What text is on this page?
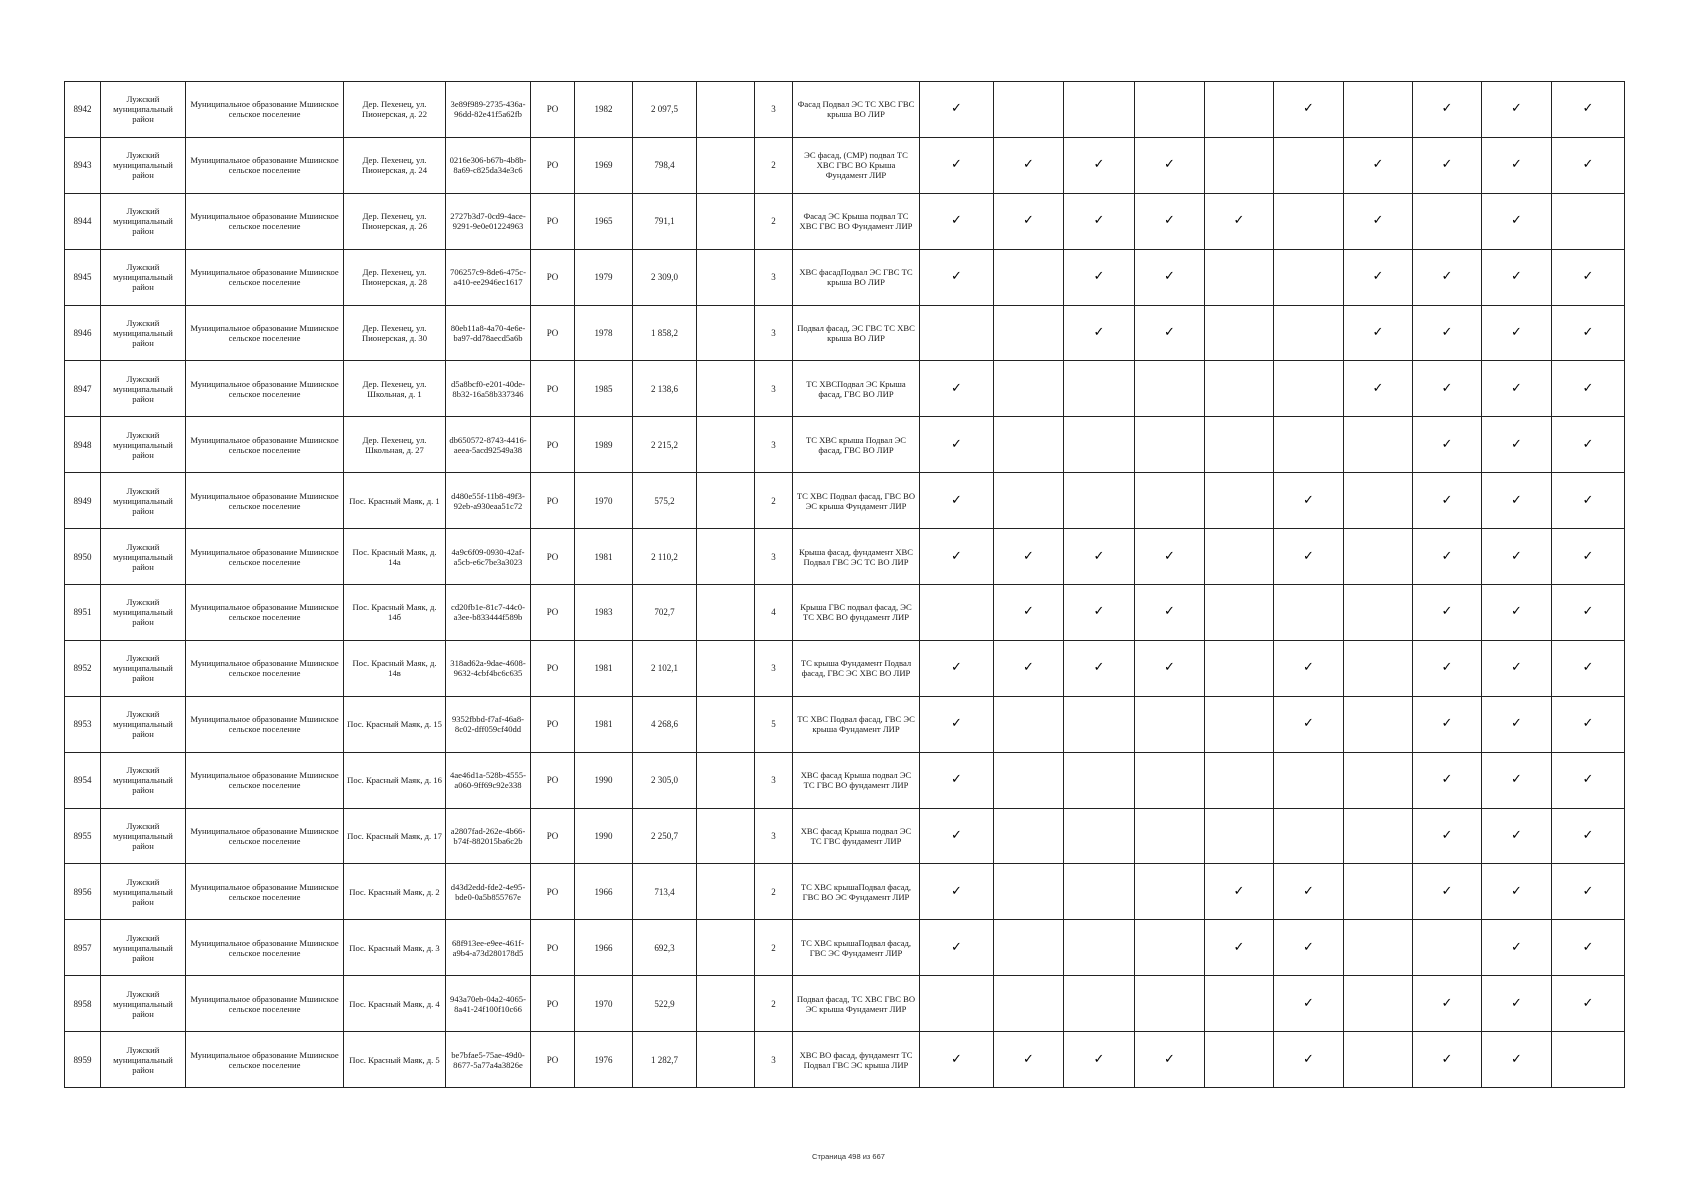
8942	Лужский муниципальный район	Муниципальное образование Мшинское сельское поселение	Дер. Пехенец, ул. Пионерская, д. 22	3e89f989-2735-436a-96dd-82e41f5a62fb	РО	1982	2 097,5		3	Фасад Подвал ЭС ТС ХВС ГВС крыша ВО ЛИР	✓					✓		✓	✓	✓
8943	Лужский муниципальный район	Муниципальное образование Мшинское сельское поселение	Дер. Пехенец, ул. Пионерская, д. 24	0216e306-b67b-4b8b-8a69-c825da34e3c6	РО	1969	798,4		2	ЭС фасад, (СМР) подвал ТС ХВС ГВС ВО Крыша Фундамент ЛИР	✓	✓	✓	✓			✓	✓	✓	✓
8944	Лужский муниципальный район	Муниципальное образование Мшинское сельское поселение	Дер. Пехенец, ул. Пионерская, д. 26	2727b3d7-0cd9-4ace-9291-9e0e01224963	РО	1965	791,1		2	Фасад ЭС Крыша подвал ТС ХВС ГВС ВО Фундамент ЛИР	✓	✓	✓	✓	✓		✓		✓	
8945	Лужский муниципальный район	Муниципальное образование Мшинское сельское поселение	Дер. Пехенец, ул. Пионерская, д. 28	706257c9-8de6-475c-a410-ee2946ec1617	РО	1979	2 309,0		3	ХВС фасадПодвал ЭС ГВС ТС крыша ВО ЛИР	✓		✓	✓			✓	✓	✓	✓
8946	Лужский муниципальный район	Муниципальное образование Мшинское сельское поселение	Дер. Пехенец, ул. Пионерская, д. 30	80eb11a8-4a70-4e6e-ba97-dd78aecd5a6b	РО	1978	1 858,2		3	Подвал фасад, ЭС ГВС ТС ХВС крыша ВО ЛИР			✓	✓			✓	✓	✓	✓
8947	Лужский муниципальный район	Муниципальное образование Мшинское сельское поселение	Дер. Пехенец, ул. Школьная, д. 1	d5a8bcf0-e201-40de-8b32-16a58b337346	РО	1985	2 138,6		3	ТС ХВСПодвал ЭС Крыша фасад, ГВС ВО ЛИР	✓						✓	✓	✓	✓
8948	Лужский муниципальный район	Муниципальное образование Мшинское сельское поселение	Дер. Пехенец, ул. Школьная, д. 27	db650572-8743-4416-aeea-5acd92549a38	РО	1989	2 215,2		3	ТС ХВС крыша Подвал ЭС фасад, ГВС ВО ЛИР	✓							✓	✓	✓
8949	Лужский муниципальный район	Муниципальное образование Мшинское сельское поселение	Пос. Красный Маяк, д. 1	d480e55f-11b8-49f3-92eb-a930eaa51c72	РО	1970	575,2		2	ТС ХВС Подвал фасад, ГВС ВО ЭС крыша Фундамент ЛИР	✓					✓		✓	✓	✓
8950	Лужский муниципальный район	Муниципальное образование Мшинское сельское поселение	Пос. Красный Маяк, д. 14а	4a9c6f09-0930-42af-a5cb-e6c7be3a3023	РО	1981	2 110,2		3	Крыша фасад, фундамент ХВС Подвал ГВС ЭС ТС ВО ЛИР	✓	✓	✓	✓		✓		✓	✓	✓
8951	Лужский муниципальный район	Муниципальное образование Мшинское сельское поселение	Пос. Красный Маяк, д. 14б	cd20fb1e-81c7-44c0-a3ee-b833444f589b	РО	1983	702,7		4	Крыша ГВС подвал фасад, ЭС ТС ХВС ВО фундамент ЛИР		✓	✓	✓				✓	✓	✓
8952	Лужский муниципальный район	Муниципальное образование Мшинское сельское поселение	Пос. Красный Маяк, д. 14в	318ad62a-9dae-4608-9632-4cbf4bc6c635	РО	1981	2 102,1		3	ТС крыша Фундамент Подвал фасад, ГВС ЭС ХВС ВО ЛИР	✓	✓	✓	✓		✓		✓	✓	✓
8953	Лужский муниципальный район	Муниципальное образование Мшинское сельское поселение	Пос. Красный Маяк, д. 15	9352fbbd-f7af-46a8-8c02-dff059cf40dd	РО	1981	4 268,6		5	ТС ХВС Подвал фасад, ГВС ЭС крыша Фундамент ЛИР	✓					✓		✓	✓	✓
8954	Лужский муниципальный район	Муниципальное образование Мшинское сельское поселение	Пос. Красный Маяк, д. 16	4ae46d1a-528b-4555-a060-9ff69c92e338	РО	1990	2 305,0		3	ХВС фасад Крыша подвал ЭС ТС ГВС ВО фундамент ЛИР	✓							✓	✓	✓
8955	Лужский муниципальный район	Муниципальное образование Мшинское сельское поселение	Пос. Красный Маяк, д. 17	a2807fad-262e-4b66-b74f-882015ba6c2b	РО	1990	2 250,7		3	ХВС фасад Крыша подвал ЭС ТС ГВС фундамент ЛИР	✓							✓	✓	✓
8956	Лужский муниципальный район	Муниципальное образование Мшинское сельское поселение	Пос. Красный Маяк, д. 2	d43d2edd-fde2-4e95-bde0-0a5b855767e	РО	1966	713,4		2	ТС ХВС крышаПодвал фасад, ГВС ВО ЭС Фундамент ЛИР	✓				✓	✓		✓	✓	✓
8957	Лужский муниципальный район	Муниципальное образование Мшинское сельское поселение	Пос. Красный Маяк, д. 3	68f913ee-e9ee-461f-a9b4-a73d280178d5	РО	1966	692,3		2	ТС ХВС крышаПодвал фасад, ГВС ЭС Фундамент ЛИР	✓				✓	✓			✓	✓
8958	Лужский муниципальный район	Муниципальное образование Мшинское сельское поселение	Пос. Красный Маяк, д. 4	943a70eb-04a2-4065-8a41-24f100f10c66	РО	1970	522,9		2	Подвал фасад, ТС ХВС ГВС ВО ЭС крыша Фундамент ЛИР						✓		✓	✓	✓
8959	Лужский муниципальный район	Муниципальное образование Мшинское сельское поселение	Пос. Красный Маяк, д. 5	be7bfae5-75ae-49d0-8677-5a77a4a3826e	РО	1976	1 282,7		3	ХВС ВО фасад, фундамент ТС Подвал ГВС ЭС крыша ЛИР	✓	✓	✓	✓		✓		✓	✓	
Страница 498 из 667
